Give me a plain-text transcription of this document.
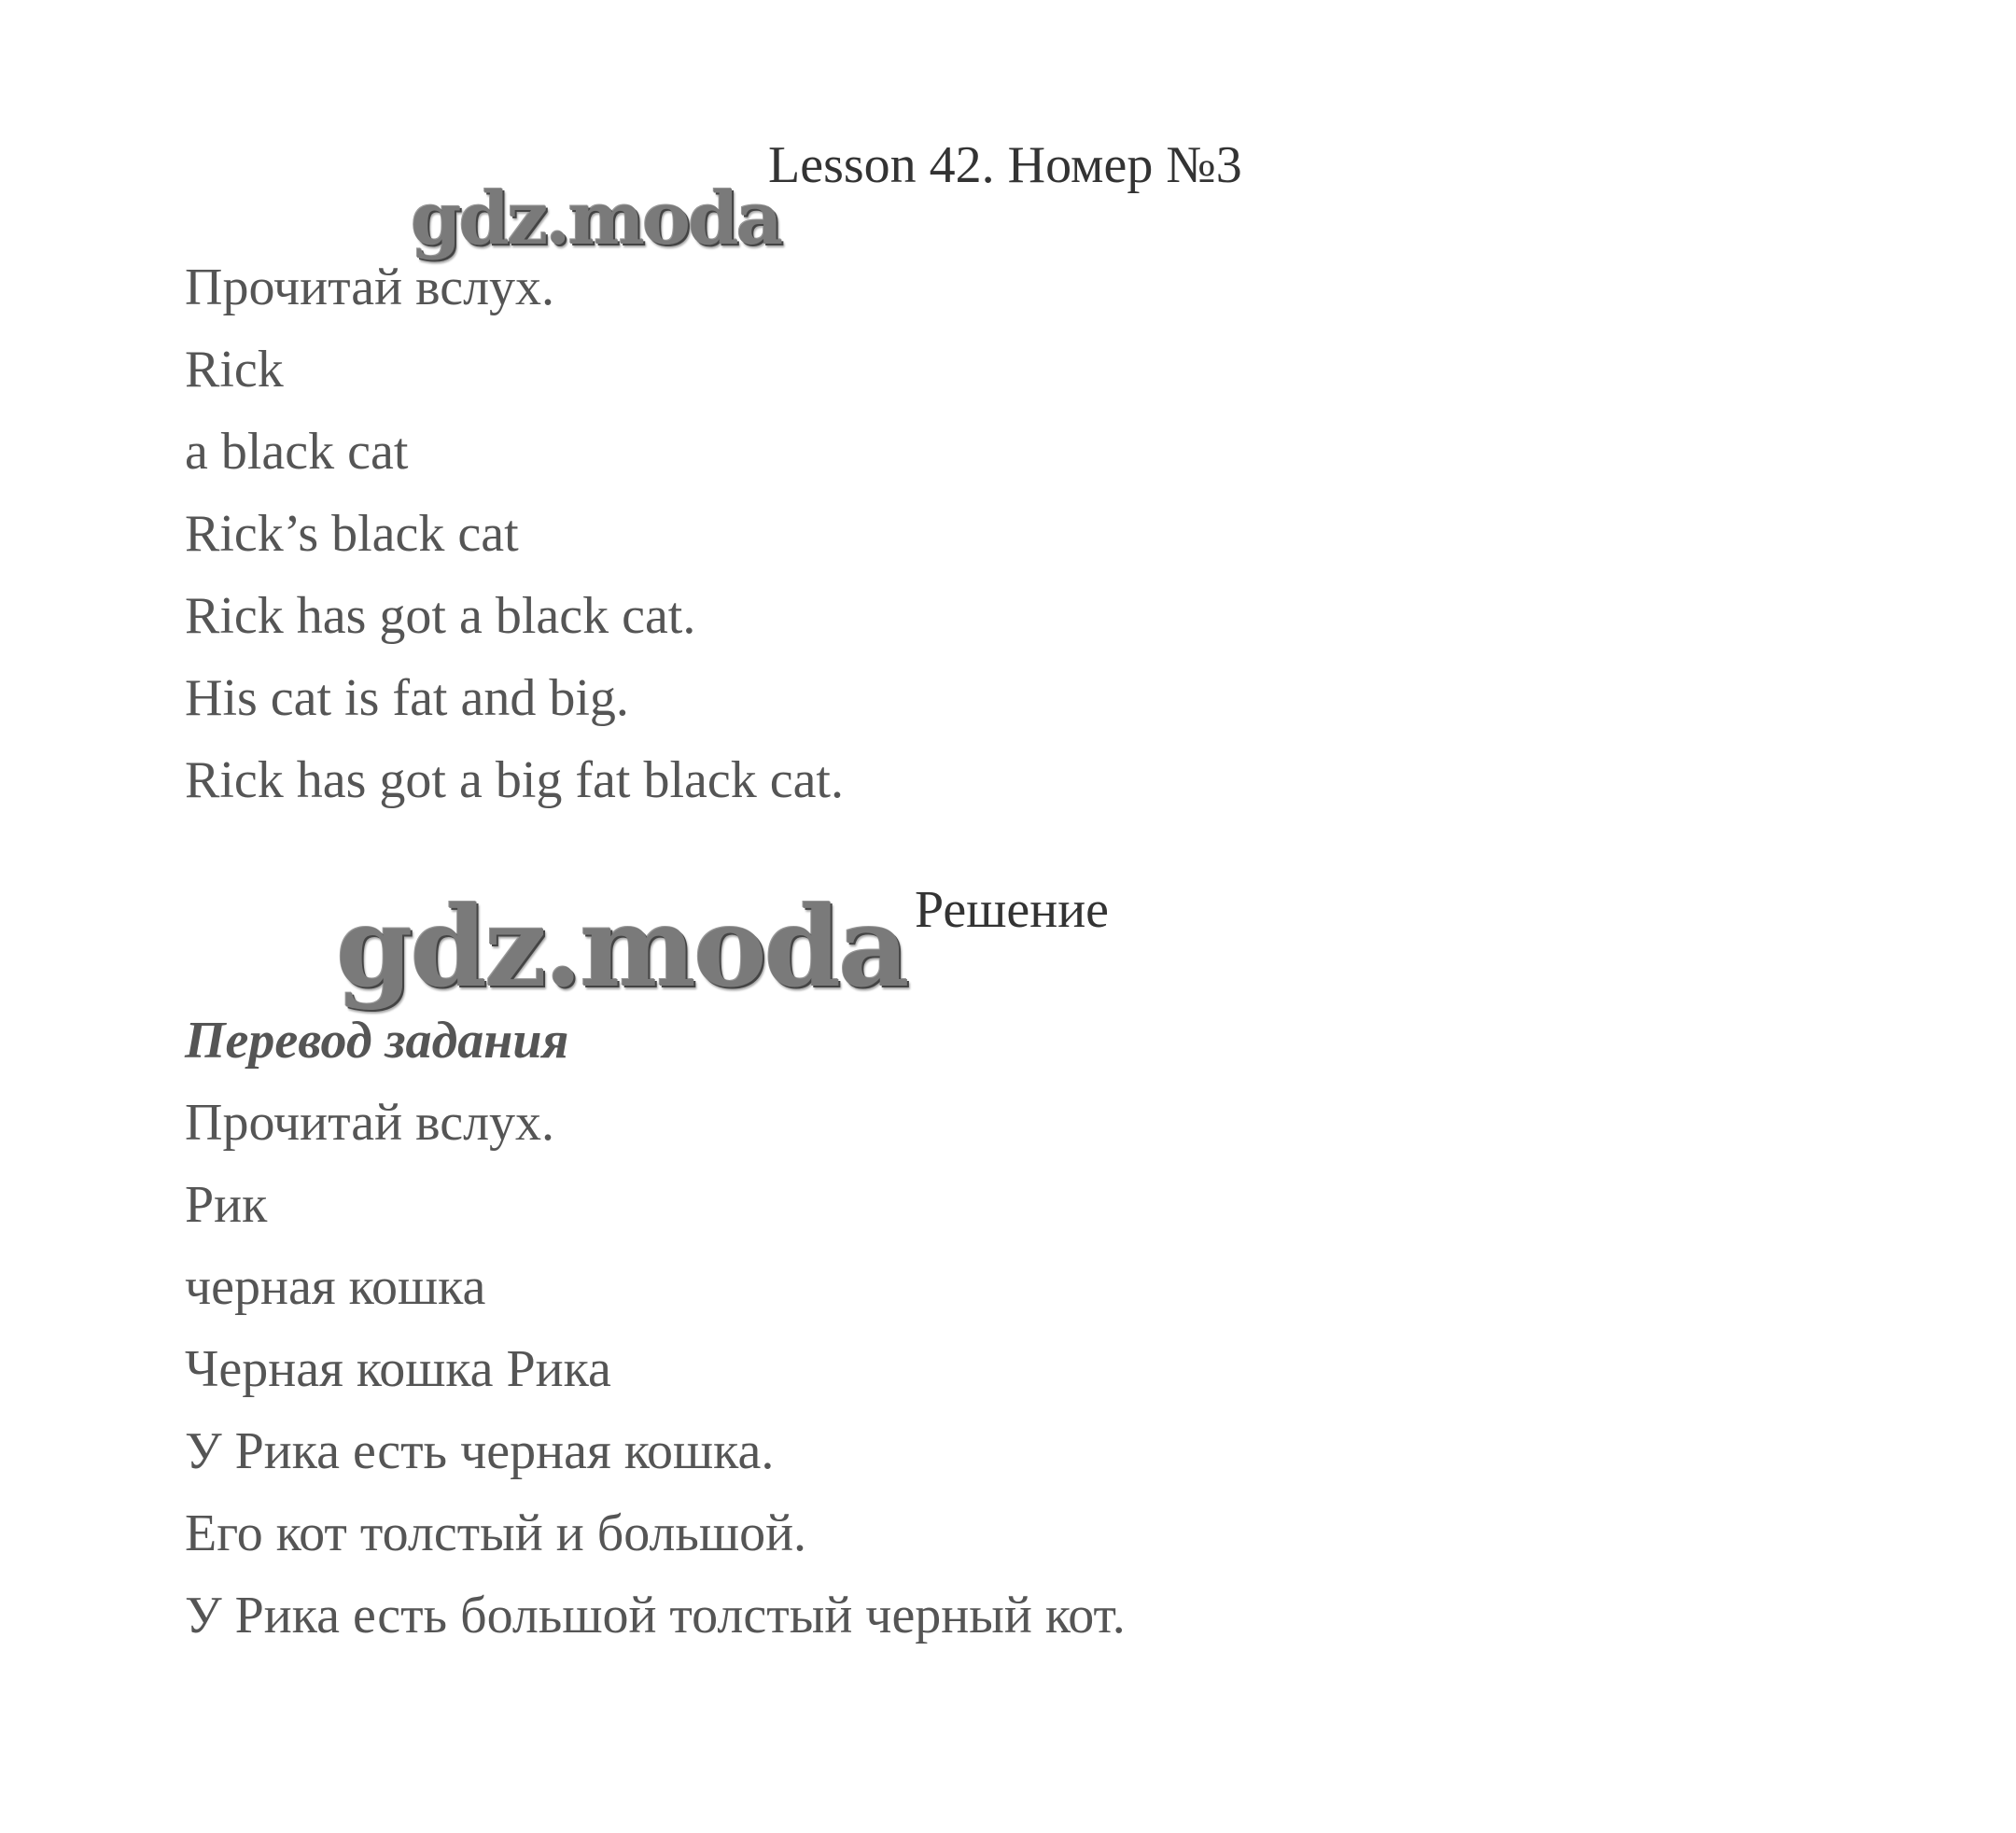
Lesson 42. Номер №3
gdz.moda
Прочитай вслух.
Rick
a black cat
Rick’s black cat
Rick has got a black cat.
His cat is fat and big.
Rick has got a big fat black cat.
Решение
gdz.moda
Перевод задания
Прочитай вслух.
Рик
черная кошка
Черная кошка Рика
У Рика есть черная кошка.
Его кот толстый и большой.
У Рика есть большой толстый черный кот.
